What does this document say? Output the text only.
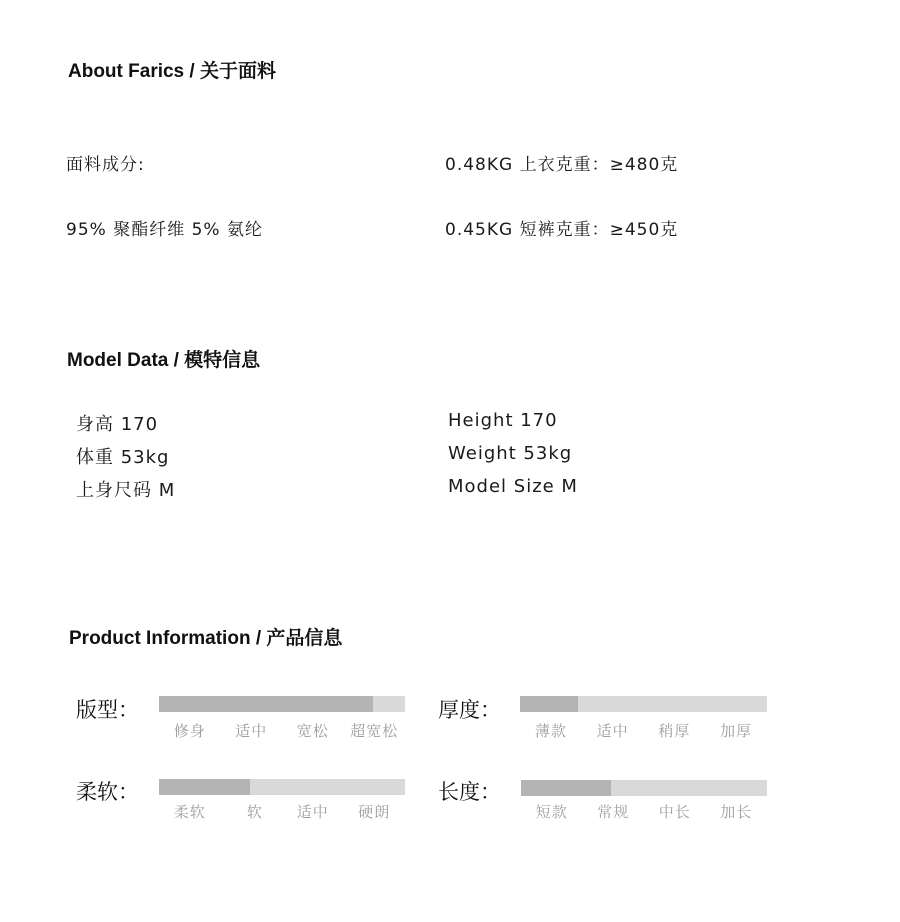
About Farics / 关于面料
面料成分:
95% 聚酯纤维 5% 氨纶
0.48KG 上衣克重：≥480克
0.45KG 短裤克重：≥450克
Model Data / 模特信息
身高 170
体重 53kg
上身尺码 M
Height 170
Weight 53kg
Model Size M
Product Information / 产品信息
版型：
修身 适中 宽松 超宽松
厚度：
薄款 适中 稍厚 加厚
柔软：
柔软	软 适中 硬朗
长度：
短款 常规 中长 加长
